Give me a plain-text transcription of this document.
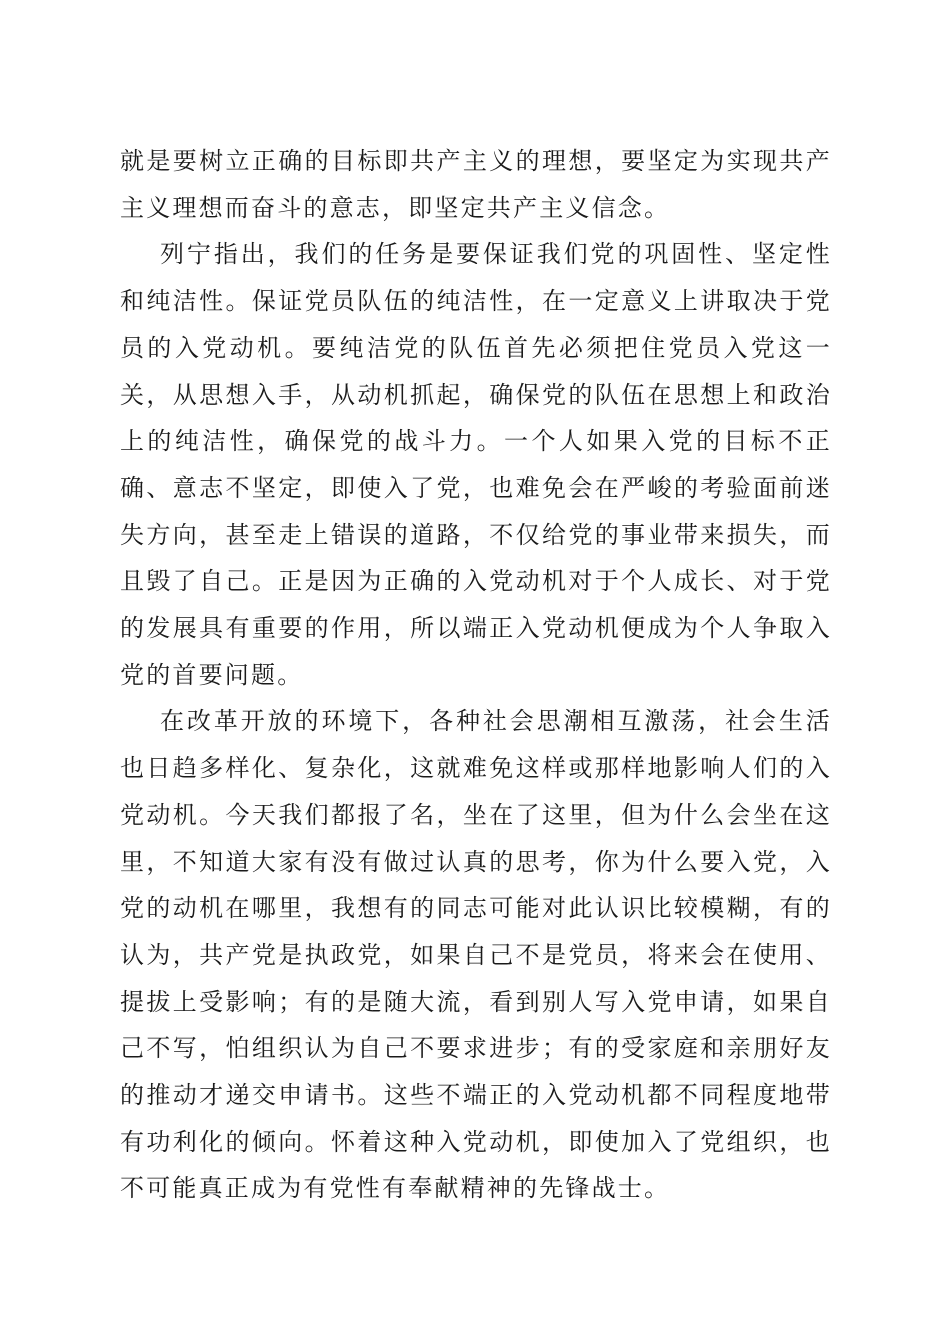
就是要树立正确的目标即共产主义的理想，要坚定为实现共产主义理想而奋斗的意志，即坚定共产主义信念。

列宁指出，我们的任务是要保证我们党的巩固性、坚定性和纯洁性。保证党员队伍的纯洁性，在一定意义上讲取决于党员的入党动机。要纯洁党的队伍首先必须把住党员入党这一关，从思想入手，从动机抓起，确保党的队伍在思想上和政治上的纯洁性，确保党的战斗力。一个人如果入党的目标不正确、意志不坚定，即使入了党，也难免会在严峻的考验面前迷失方向，甚至走上错误的道路，不仅给党的事业带来损失，而且毁了自己。正是因为正确的入党动机对于个人成长、对于党的发展具有重要的作用，所以端正入党动机便成为个人争取入党的首要问题。

在改革开放的环境下，各种社会思潮相互激荡，社会生活也日趋多样化、复杂化，这就难免这样或那样地影响人们的入党动机。今天我们都报了名，坐在了这里，但为什么会坐在这里，不知道大家有没有做过认真的思考，你为什么要入党，入党的动机在哪里，我想有的同志可能对此认识比较模糊，有的认为，共产党是执政党，如果自己不是党员，将来会在使用、提拔上受影响；有的是随大流，看到别人写入党申请，如果自己不写，怕组织认为自己不要求进步；有的受家庭和亲朋好友的推动才递交申请书。这些不端正的入党动机都不同程度地带有功利化的倾向。怀着这种入党动机，即使加入了党组织，也不可能真正成为有党性有奉献精神的先锋战士。
